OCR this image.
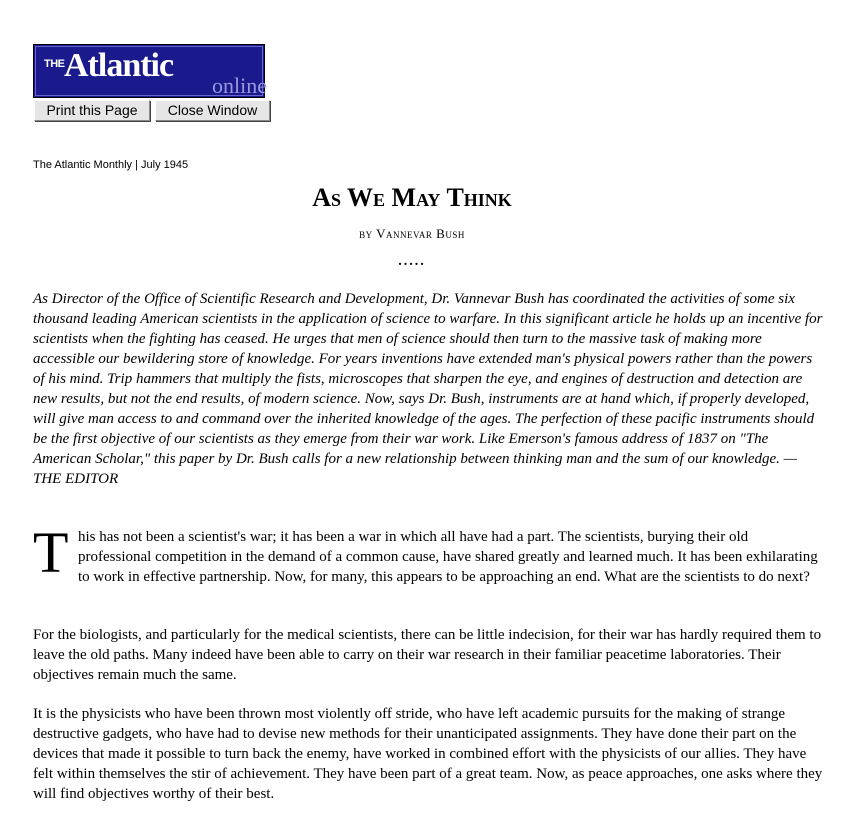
THE Atlantic
online
Print this Page	Close Window
The Atlantic Monthly | July 1945
As We May Think
by Vannevar Bush
.....

As Director of the Office of Scientific Research and Development, Dr. Vannevar Bush has coordinated the activities of some six thousand leading American scientists in the application of science to warfare. In this significant article he holds up an incentive for scientists when the fighting has ceased. He urges that men of science should then turn to the massive task of making more accessible our bewildering store of knowledge. For years inventions have extended man's physical powers rather than the powers of his mind. Trip hammers that multiply the fists, microscopes that sharpen the eye, and engines of destruction and detection are new results, but not the end results, of modern science. Now, says Dr. Bush, instruments are at hand which, if properly developed, will give man access to and command over the inherited knowledge of the ages. The perfection of these pacific instruments should be the first objective of our scientists as they emerge from their war work. Like Emerson's famous address of 1837 on "The American Scholar," this paper by Dr. Bush calls for a new relationship between thinking man and the sum of our knowledge. —THE EDITOR

T his has not been a scientist's war; it has been a war in which all have had a part. The scientists, burying their old professional competition in the demand of a common cause, have shared greatly and learned much. It has been exhilarating to work in effective partnership. Now, for many, this appears to be approaching an end. What are the scientists to do next?

For the biologists, and particularly for the medical scientists, there can be little indecision, for their war has hardly required them to leave the old paths. Many indeed have been able to carry on their war research in their familiar peacetime laboratories. Their objectives remain much the same.

It is the physicists who have been thrown most violently off stride, who have left academic pursuits for the making of strange destructive gadgets, who have had to devise new methods for their unanticipated assignments. They have done their part on the devices that made it possible to turn back the enemy, have worked in combined effort with the physicists of our allies. They have felt within themselves the stir of achievement. They have been part of a great team. Now, as peace approaches, one asks where they will find objectives worthy of their best.
